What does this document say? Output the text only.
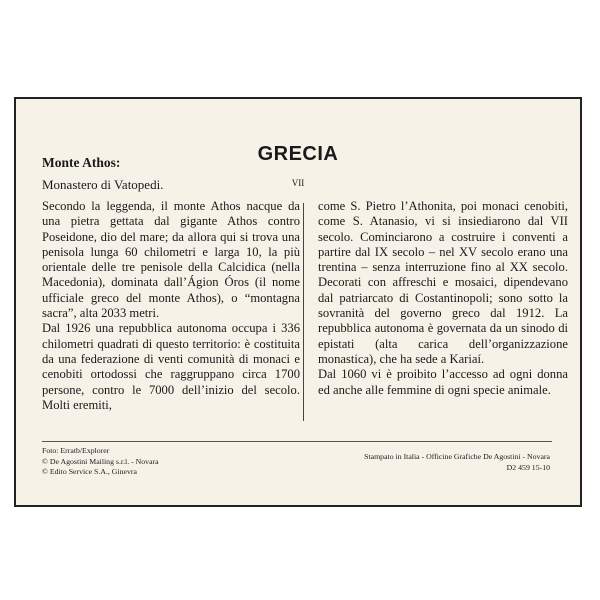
GRECIA
Monte Athos:
Monastero di Vatopedi.	VII

Secondo la leggenda, il monte Athos nacque da una pietra gettata dal gigante Athos contro Poseidone, dio del mare; da allora qui si trova una penisola lunga 60 chilometri e larga 10, la più orientale delle tre penisole della Calcidica (nella Macedonia), dominata dall’Ágion Óros (il nome ufficiale greco del monte Athos), o “montagna sacra”, alta 2033 metri.

Dal 1926 una repubblica autonoma occupa i 336 chilometri quadrati di questo territorio: è costituita da una federazione di venti comunità di monaci e cenobiti ortodossi che raggruppano circa 1700 persone, contro le 7000 dell’inizio del secolo. Molti eremiti,

come S. Pietro l’Athonita, poi monaci cenobiti, come S. Atanasio, vi si insiediarono dal VII secolo. Cominciarono a costruire i conventi a partire dal IX secolo – nel XV secolo erano una trentina – senza interruzione fino al XX secolo. Decorati con affreschi e mosaici, dipendevano dal patriarcato di Costantinopoli; sono sotto la sovranità del governo greco dal 1912. La repubblica autonoma è governata da un sinodo di epistati (alta carica dell’organizzazione monastica), che ha sede a Kariaí.

Dal 1060 vi è proibito l’accesso ad ogni donna ed anche alle femmine di ogni specie animale.

Foto: Erratb/Explorer
© De Agostini Mailing s.r.l. - Novara
© Edito Service S.A., Ginevra
Stampato in Italia - Officine Grafiche De Agostini - Novara
D2 459 15-10
